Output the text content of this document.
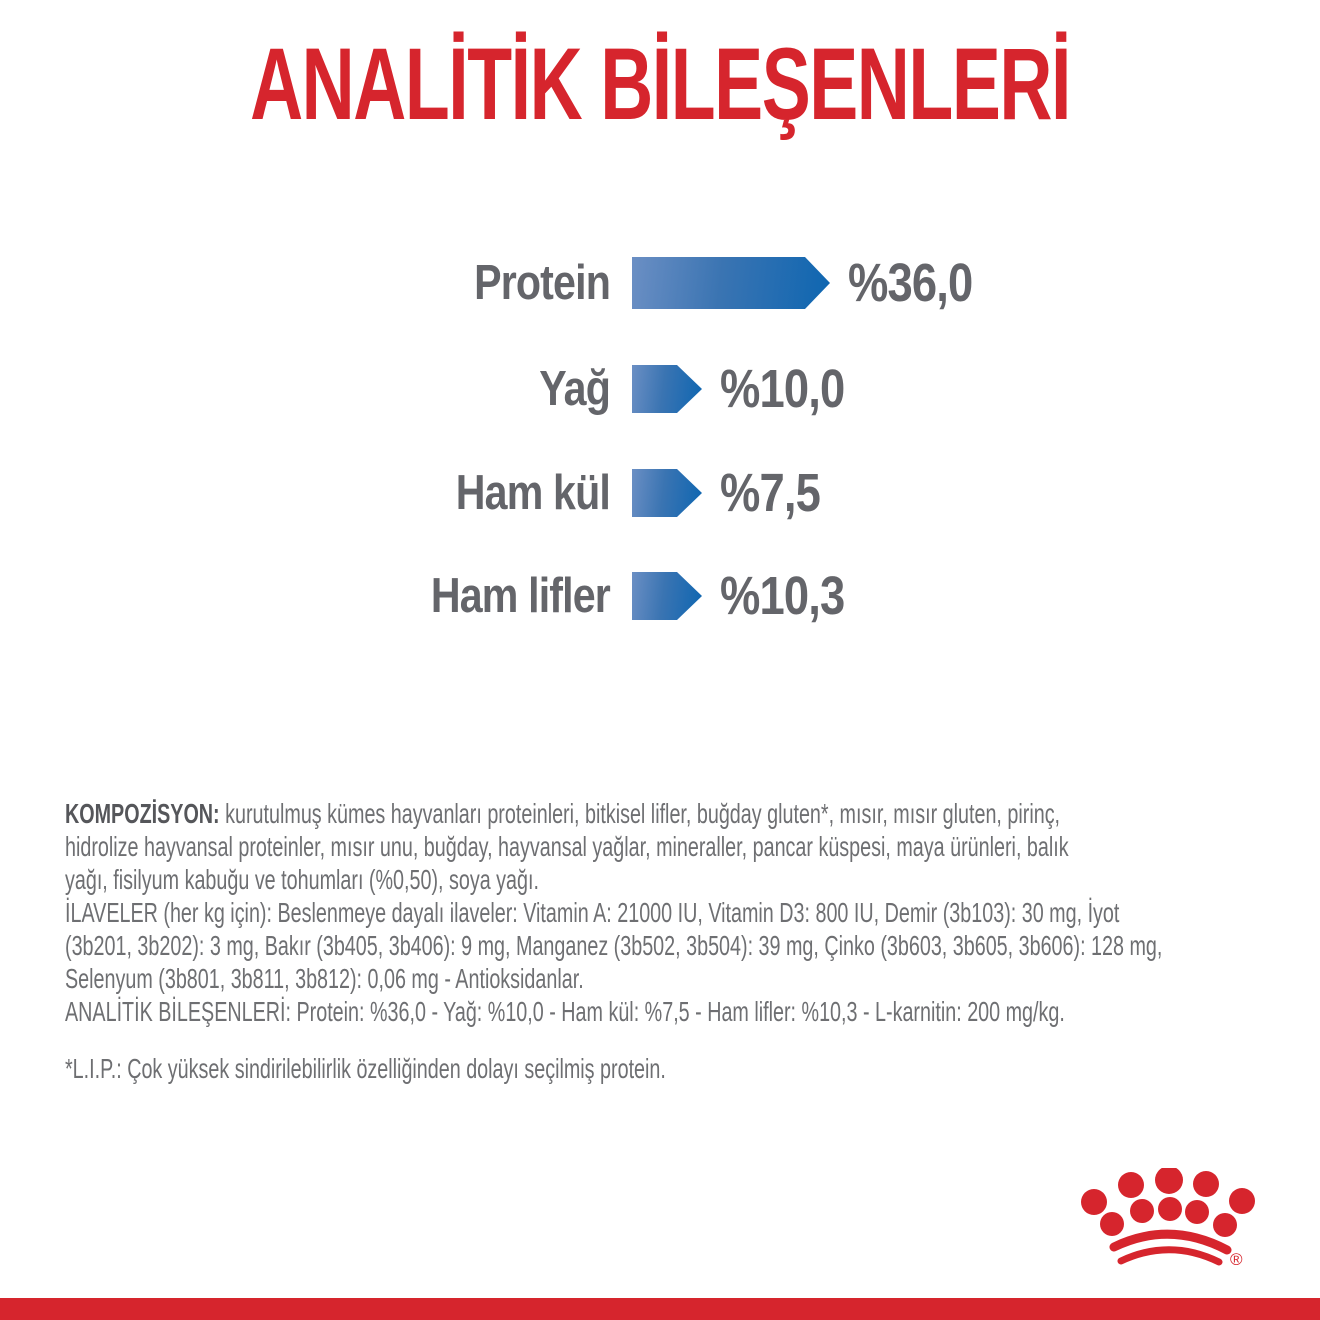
ANALİTİK BİLEŞENLERİ
Protein	%36,0
Yağ %10,0
Ham kül %7,5
Ham lifler %10,3
KOMPOZİSYON: kurutulmuş kümes hayvanları proteinleri, bitkisel lifler, buğday gluten*, mısır, mısır gluten, pirinç,
hidrolize hayvansal proteinler, mısır unu, buğday, hayvansal yağlar, mineraller, pancar küspesi, maya ürünleri, balık
yağı, fisilyum kabuğu ve tohumları (%0,50), soya yağı.
İLAVELER (her kg için): Beslenmeye dayalı ilaveler: Vitamin A: 21000 IU, Vitamin D3: 800 IU, Demir (3b103): 30 mg, İyot
(3b201, 3b202): 3 mg, Bakır (3b405, 3b406): 9 mg, Manganez (3b502, 3b504): 39 mg, Çinko (3b603, 3b605, 3b606): 128 mg,
Selenyum (3b801, 3b811, 3b812): 0,06 mg - Antioksidanlar.
ANALİTİK BİLEŞENLERİ: Protein: %36,0 - Yağ: %10,0 - Ham kül: %7,5 - Ham lifler: %10,3 - L-karnitin: 200 mg/kg.
*L.I.P.: Çok yüksek sindirilebilirlik özelliğinden dolayı seçilmiş protein.
®
